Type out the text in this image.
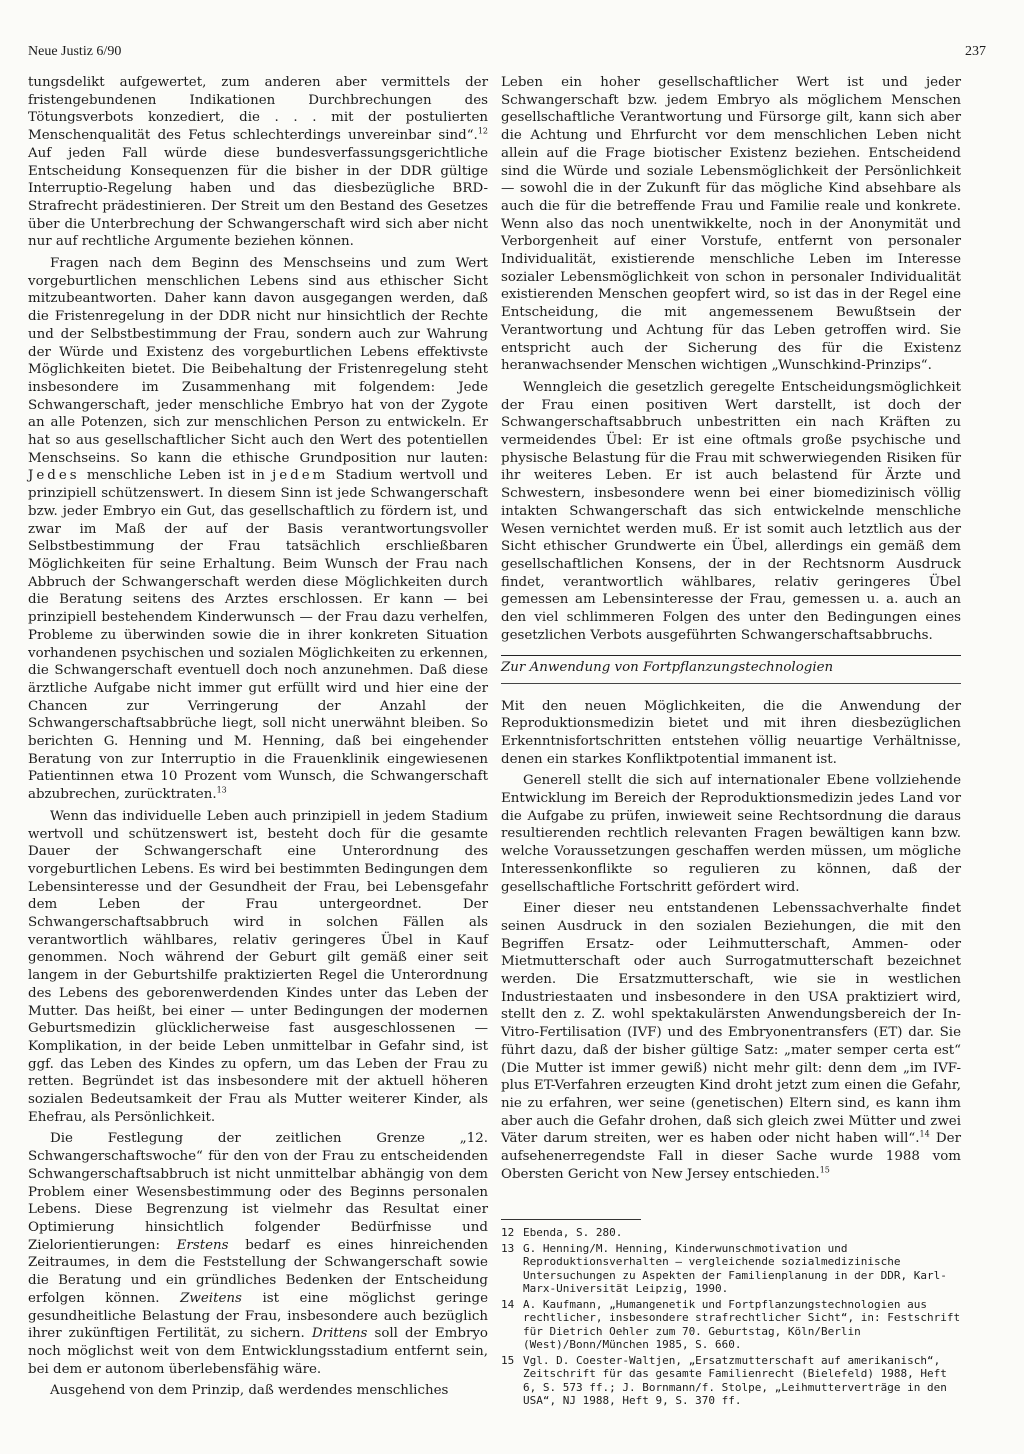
Neue Justiz 6/90	237

tungsdelikt aufgewertet, zum anderen aber vermittels der fristengebundenen Indikationen Durchbrechungen des Tötungsverbots konzediert, die . . . mit der postulierten Menschenqualität des Fetus schlechterdings unvereinbar sind“.$^{12}$ Auf jeden Fall würde diese bundesverfassungsgerichtliche Entscheidung Konsequenzen für die bisher in der DDR gültige Interruptio-Regelung haben und das diesbezügliche BRD-Strafrecht prädestinieren. Der Streit um den Bestand des Gesetzes über die Unterbrechung der Schwangerschaft wird sich aber nicht nur auf rechtliche Argumente beziehen können.

Fragen nach dem Beginn des Menschseins und zum Wert vorgeburtlichen menschlichen Lebens sind aus ethischer Sicht mitzubeantworten. Daher kann davon ausgegangen werden, daß die Fristenregelung in der DDR nicht nur hinsichtlich der Rechte und der Selbstbestimmung der Frau, sondern auch zur Wahrung der Würde und Existenz des vorgeburtlichen Lebens effektivste Möglichkeiten bietet. Die Beibehaltung der Fristenregelung steht insbesondere im Zusammenhang mit folgendem: Jede Schwangerschaft, jeder menschliche Embryo hat von der Zygote an alle Potenzen, sich zur menschlichen Person zu entwickeln. Er hat so aus gesellschaftlicher Sicht auch den Wert des potentiellen Menschseins. So kann die ethische Grundposition nur lauten: Jedes menschliche Leben ist in jedem Stadium wertvoll und prinzipiell schützenswert. In diesem Sinn ist jede Schwangerschaft bzw. jeder Embryo ein Gut, das gesellschaftlich zu fördern ist, und zwar im Maß der auf der Basis verantwortungsvoller Selbstbestimmung der Frau tatsächlich erschließbaren Möglichkeiten für seine Erhaltung. Beim Wunsch der Frau nach Abbruch der Schwangerschaft werden diese Möglichkeiten durch die Beratung seitens des Arztes erschlossen. Er kann — bei prinzipiell bestehendem Kinderwunsch — der Frau dazu verhelfen, Probleme zu überwinden sowie die in ihrer konkreten Situation vorhandenen psychischen und sozialen Möglichkeiten zu erkennen, die Schwangerschaft eventuell doch noch anzunehmen. Daß diese ärztliche Aufgabe nicht immer gut erfüllt wird und hier eine der Chancen zur Verringerung der Anzahl der Schwangerschaftsabbrüche liegt, soll nicht unerwähnt bleiben. So berichten G. Henning und M. Henning, daß bei eingehender Beratung von zur Interruptio in die Frauenklinik eingewiesenen Patientinnen etwa 10 Prozent vom Wunsch, die Schwangerschaft abzubrechen, zurücktraten.$^{13}$

Wenn das individuelle Leben auch prinzipiell in jedem Stadium wertvoll und schützenswert ist, besteht doch für die gesamte Dauer der Schwangerschaft eine Unterordnung des vorgeburtlichen Lebens. Es wird bei bestimmten Bedingungen dem Lebensinteresse und der Gesundheit der Frau, bei Lebensgefahr dem Leben der Frau untergeordnet. Der Schwangerschaftsabbruch wird in solchen Fällen als verantwortlich wählbares, relativ geringeres Übel in Kauf genommen. Noch während der Geburt gilt gemäß einer seit langem in der Geburtshilfe praktizierten Regel die Unterordnung des Lebens des geborenwerdenden Kindes unter das Leben der Mutter. Das heißt, bei einer — unter Bedingungen der modernen Geburtsmedizin glücklicherweise fast ausgeschlossenen — Komplikation, in der beide Leben unmittelbar in Gefahr sind, ist ggf. das Leben des Kindes zu opfern, um das Leben der Frau zu retten. Begründet ist das insbesondere mit der aktuell höheren sozialen Bedeutsamkeit der Frau als Mutter weiterer Kinder, als Ehefrau, als Persönlichkeit.

Die Festlegung der zeitlichen Grenze „12. Schwangerschaftswoche“ für den von der Frau zu entscheidenden Schwangerschaftsabbruch ist nicht unmittelbar abhängig von dem Problem einer Wesensbestimmung oder des Beginns personalen Lebens. Diese Begrenzung ist vielmehr das Resultat einer Optimierung hinsichtlich folgender Bedürfnisse und Zielorientierungen: Erstens bedarf es eines hinreichenden Zeitraumes, in dem die Feststellung der Schwangerschaft sowie die Beratung und ein gründliches Bedenken der Entscheidung erfolgen können. Zweitens ist eine möglichst geringe gesundheitliche Belastung der Frau, insbesondere auch bezüglich ihrer zukünftigen Fertilität, zu sichern. Drittens soll der Embryo noch möglichst weit von dem Entwicklungsstadium entfernt sein, bei dem er autonom überlebensfähig wäre.

Ausgehend von dem Prinzip, daß werdendes menschliches

Leben ein hoher gesellschaftlicher Wert ist und jeder Schwangerschaft bzw. jedem Embryo als möglichem Menschen gesellschaftliche Verantwortung und Fürsorge gilt, kann sich aber die Achtung und Ehrfurcht vor dem menschlichen Leben nicht allein auf die Frage biotischer Existenz beziehen. Entscheidend sind die Würde und soziale Lebensmöglichkeit der Persönlichkeit — sowohl die in der Zukunft für das mögliche Kind absehbare als auch die für die betreffende Frau und Familie reale und konkrete. Wenn also das noch unentwikkelte, noch in der Anonymität und Verborgenheit auf einer Vorstufe, entfernt von personaler Individualität, existierende menschliche Leben im Interesse sozialer Lebensmöglichkeit von schon in personaler Individualität existierenden Menschen geopfert wird, so ist das in der Regel eine Entscheidung, die mit angemessenem Bewußtsein der Verantwortung und Achtung für das Leben getroffen wird. Sie entspricht auch der Sicherung des für die Existenz heranwachsender Menschen wichtigen „Wunschkind-Prinzips“.

Wenngleich die gesetzlich geregelte Entscheidungsmöglichkeit der Frau einen positiven Wert darstellt, ist doch der Schwangerschaftsabbruch unbestritten ein nach Kräften zu vermeidendes Übel: Er ist eine oftmals große psychische und physische Belastung für die Frau mit schwerwiegenden Risiken für ihr weiteres Leben. Er ist auch belastend für Ärzte und Schwestern, insbesondere wenn bei einer biomedizinisch völlig intakten Schwangerschaft das sich entwickelnde menschliche Wesen vernichtet werden muß. Er ist somit auch letztlich aus der Sicht ethischer Grundwerte ein Übel, allerdings ein gemäß dem gesellschaftlichen Konsens, der in der Rechtsnorm Ausdruck findet, verantwortlich wählbares, relativ geringeres Übel gemessen am Lebensinteresse der Frau, gemessen u. a. auch an den viel schlimmeren Folgen des unter den Bedingungen eines gesetzlichen Verbots ausgeführten Schwangerschaftsabbruchs.

Zur Anwendung von Fortpflanzungstechnologien

Mit den neuen Möglichkeiten, die die Anwendung der Reproduktionsmedizin bietet und mit ihren diesbezüglichen Erkenntnisfortschritten entstehen völlig neuartige Verhältnisse, denen ein starkes Konfliktpotential immanent ist.

Generell stellt die sich auf internationaler Ebene vollziehende Entwicklung im Bereich der Reproduktionsmedizin jedes Land vor die Aufgabe zu prüfen, inwieweit seine Rechtsordnung die daraus resultierenden rechtlich relevanten Fragen bewältigen kann bzw. welche Voraussetzungen geschaffen werden müssen, um mögliche Interessenkonflikte so regulieren zu können, daß der gesellschaftliche Fortschritt gefördert wird.

Einer dieser neu entstandenen Lebenssachverhalte findet seinen Ausdruck in den sozialen Beziehungen, die mit den Begriffen Ersatz- oder Leihmutterschaft, Ammen- oder Mietmutterschaft oder auch Surrogatmutterschaft bezeichnet werden. Die Ersatzmutterschaft, wie sie in westlichen Industriestaaten und insbesondere in den USA praktiziert wird, stellt den z. Z. wohl spektakulärsten Anwendungsbereich der In-Vitro-Fertilisation (IVF) und des Embryonentransfers (ET) dar. Sie führt dazu, daß der bisher gültige Satz: „mater semper certa est“ (Die Mutter ist immer gewiß) nicht mehr gilt: denn dem „im IVF- plus ET-Verfahren erzeugten Kind droht jetzt zum einen die Gefahr, nie zu erfahren, wer seine (genetischen) Eltern sind, es kann ihm aber auch die Gefahr drohen, daß sich gleich zwei Mütter und zwei Väter darum streiten, wer es haben oder nicht haben will“.$^{14}$ Der aufsehenerregendste Fall in dieser Sache wurde 1988 vom Obersten Gericht von New Jersey entschieden.$^{15}$

12 Ebenda, S. 280.
13 G. Henning/M. Henning, Kinderwunschmotivation und Reproduktionsverhalten — vergleichende sozialmedizinische Untersuchungen zu Aspekten der Familienplanung in der DDR, Karl-Marx-Universität Leipzig, 1990.
14 A. Kaufmann, „Humangenetik und Fortpflanzungstechnologien aus rechtlicher, insbesondere strafrechtlicher Sicht“, in: Festschrift für Dietrich Oehler zum 70. Geburtstag, Köln/Berlin (West)/Bonn/München 1985, S. 660.
15 Vgl. D. Coester-Waltjen, „Ersatzmutterschaft auf amerikanisch“, Zeitschrift für das gesamte Familienrecht (Bielefeld) 1988, Heft 6, S. 573 ff.; J. Bornmann/f. Stolpe, „Leihmutterverträge in den USA“, NJ 1988, Heft 9, S. 370 ff.
